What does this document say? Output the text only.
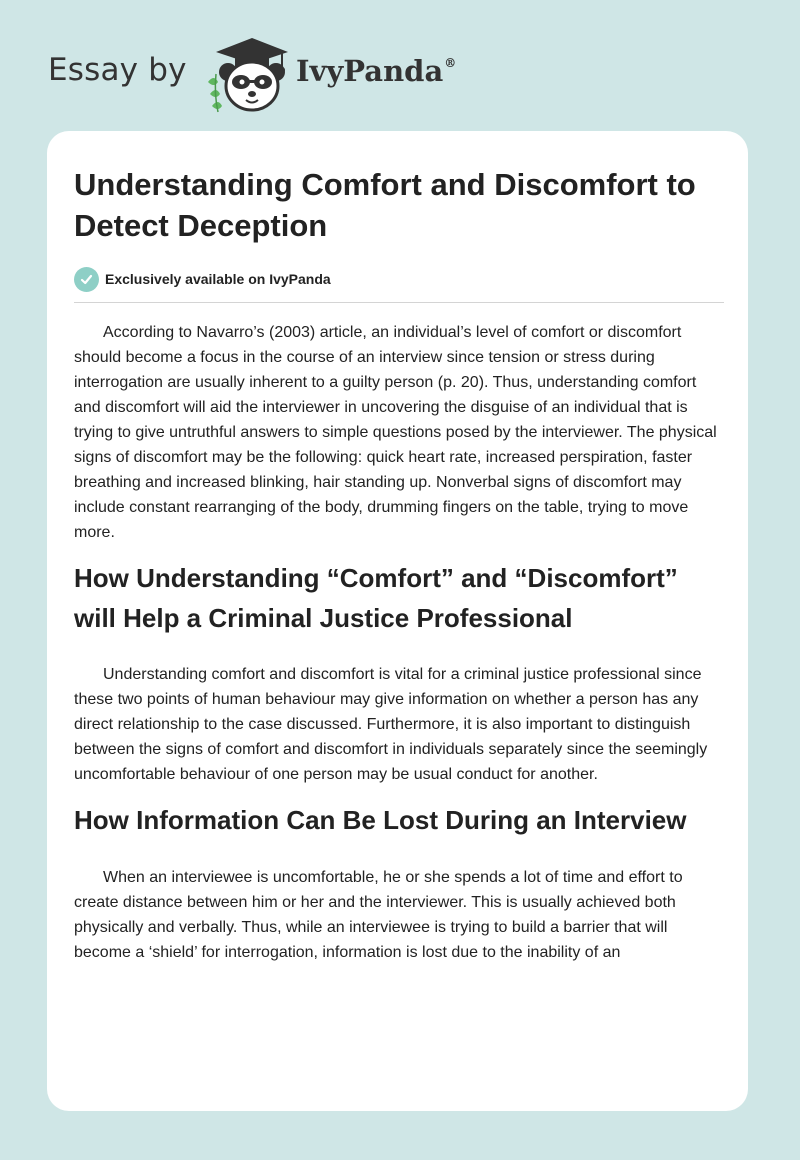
Essay by	IvyPanda®
Understanding Comfort and Discomfort to Detect Deception
Exclusively available on IvyPanda

According to Navarro’s (2003) article, an individual’s level of comfort or discomfort should become a focus in the course of an interview since tension or stress during interrogation are usually inherent to a guilty person (p. 20). Thus, understanding comfort and discomfort will aid the interviewer in uncovering the disguise of an individual that is trying to give untruthful answers to simple questions posed by the interviewer. The physical signs of discomfort may be the following: quick heart rate, increased perspiration, faster breathing and increased blinking, hair standing up. Nonverbal signs of discomfort may include constant rearranging of the body, drumming fingers on the table, trying to move more.

How Understanding “Comfort” and “Discomfort” will Help a Criminal Justice Professional

Understanding comfort and discomfort is vital for a criminal justice professional since these two points of human behaviour may give information on whether a person has any direct relationship to the case discussed. Furthermore, it is also important to distinguish between the signs of comfort and discomfort in individuals separately since the seemingly uncomfortable behaviour of one person may be usual conduct for another.

How Information Can Be Lost During an Interview

When an interviewee is uncomfortable, he or she spends a lot of time and effort to create distance between him or her and the interviewer. This is usually achieved both physically and verbally. Thus, while an interviewee is trying to build a barrier that will become a ‘shield’ for interrogation, information is lost due to the inability of an
